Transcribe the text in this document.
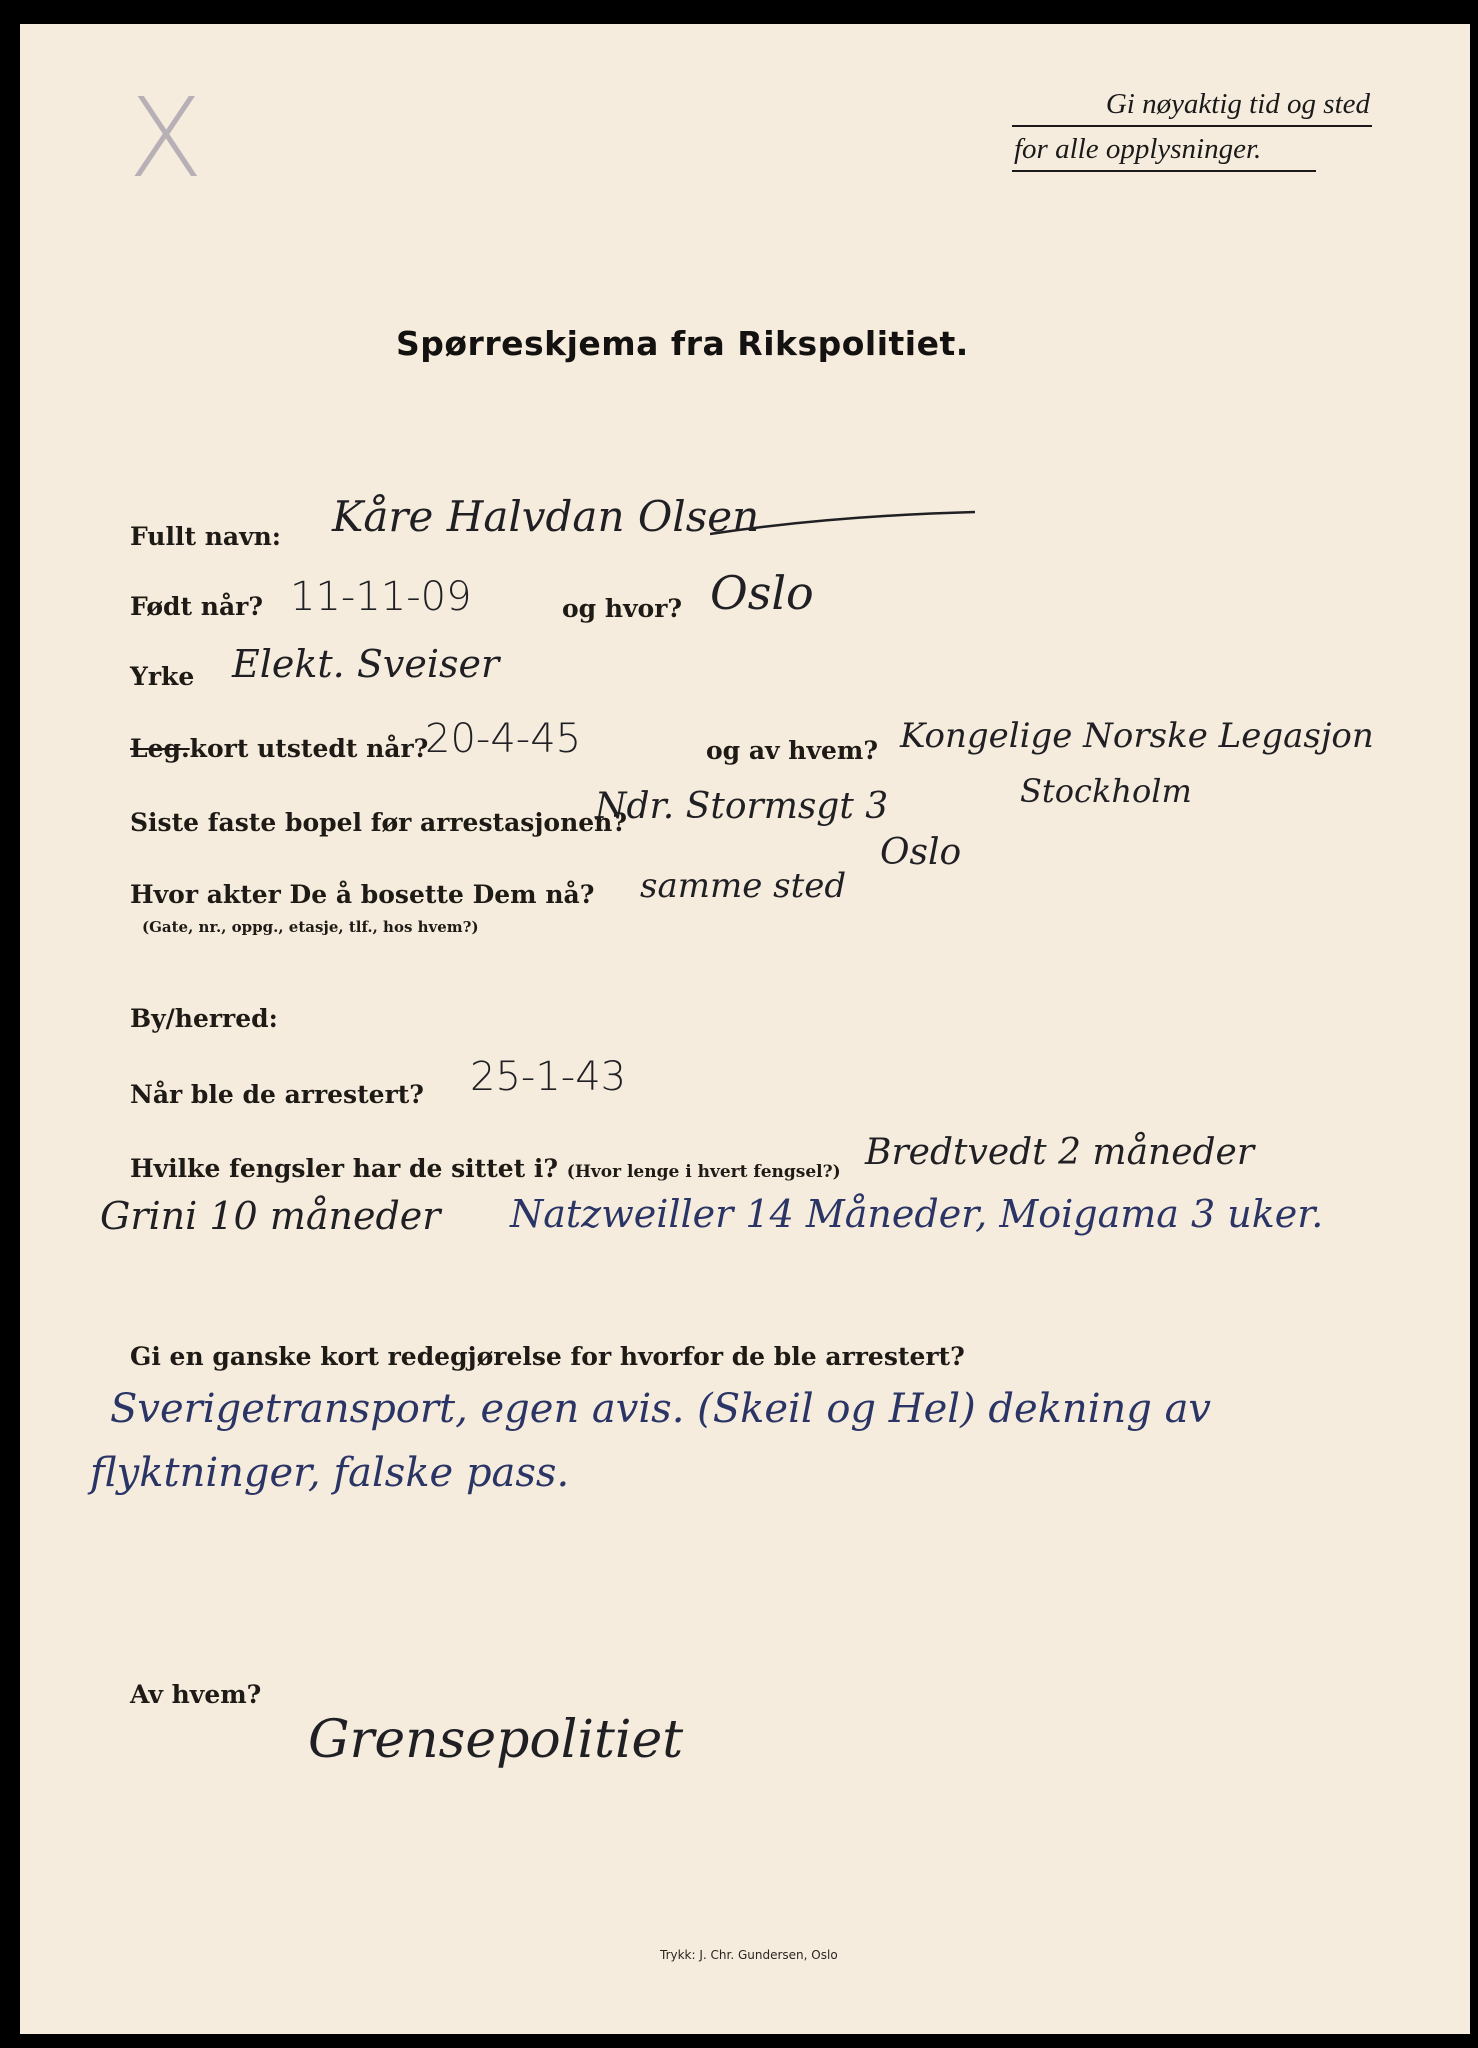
X	Gi nøyaktig tid og sted
for alle opplysninger.
Spørreskjema fra Rikspolitiet.
Fullt navn: Kåre Halvdan Olsen
Født når? 11-11-09	og hvor? Oslo
Yrke Elekt. Sveiser
Leg.kort utstedt når?
20-4-45	og av hvem? Kongelige Norske Legasjon
Stockholm
Siste faste bopel før arrestasjonen?
Ndr. Stormsgt 3
Oslo
Hvor akter De å bosette Dem nå?
(Gate, nr., oppg., etasje, tlf., hos hvem?)
samme sted
By/herred:
Når ble de arrestert? 25-1-43
Hvilke fengsler har de sittet i? (Hvor lenge i hvert fengsel?) Bredtvedt 2 måneder
Grini 10 måneder Natzweiller 14 Måneder, Moigama 3 uker.
Gi en ganske kort redegjørelse for hvorfor de ble arrestert?
Sverigetransport, egen avis. (Skeil og Hel) dekning av
flyktninger, falske pass.
Av hvem?
Grensepolitiet
Trykk: J. Chr. Gundersen, Oslo
